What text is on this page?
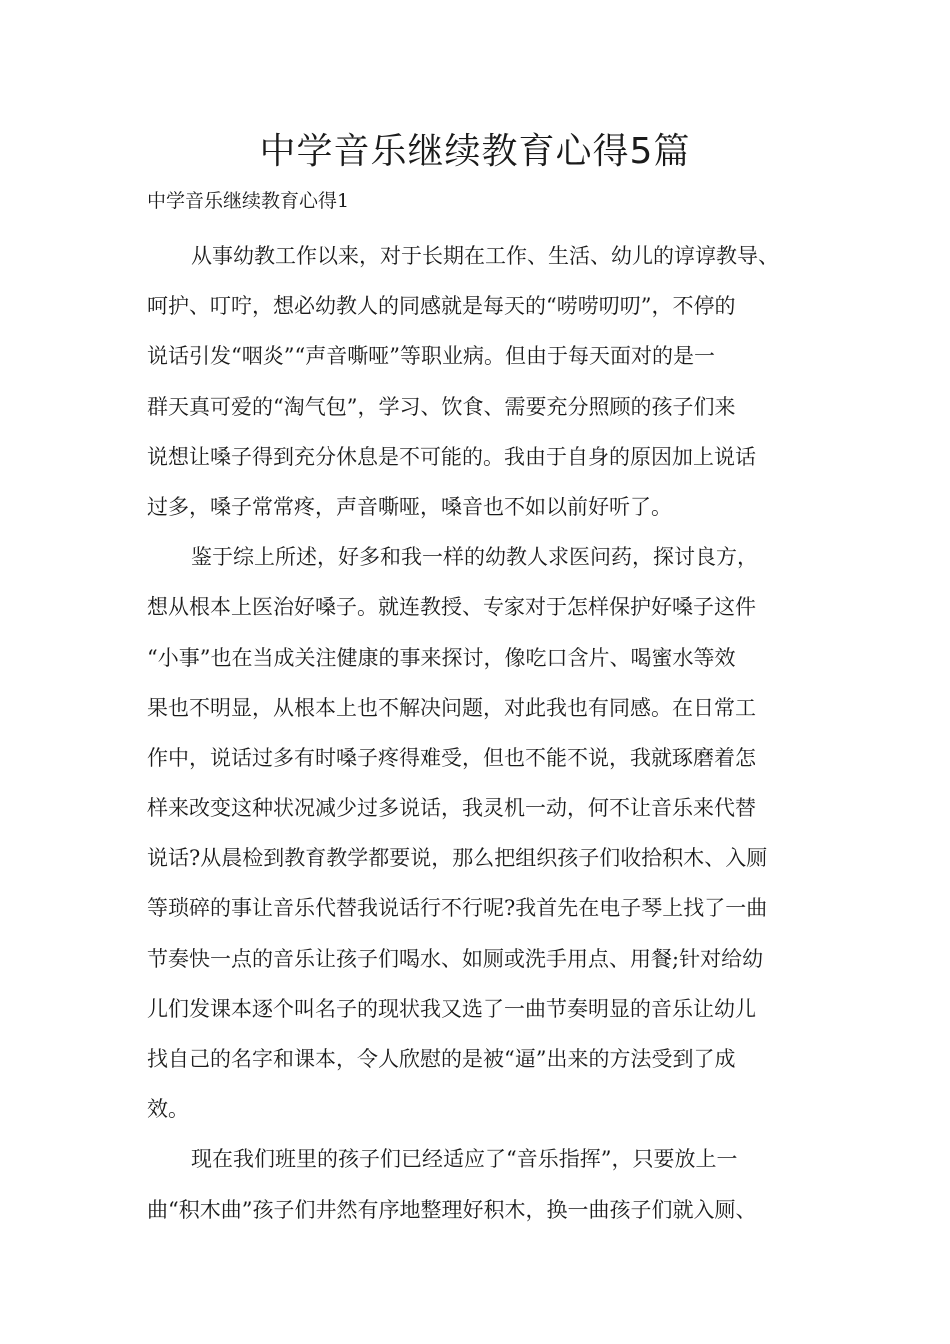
中学音乐继续教育心得5篇

中学音乐继续教育心得1

从事幼教工作以来，对于长期在工作、生活、幼儿的谆谆教导、
呵护、叮咛，想必幼教人的同感就是每天的“唠唠叨叨”，不停的
说话引发“咽炎”“声音嘶哑”等职业病。但由于每天面对的是一
群天真可爱的“淘气包”，学习、饮食、需要充分照顾的孩子们来
说想让嗓子得到充分休息是不可能的。我由于自身的原因加上说话
过多，嗓子常常疼，声音嘶哑，嗓音也不如以前好听了。
鉴于综上所述，好多和我一样的幼教人求医问药，探讨良方，
想从根本上医治好嗓子。就连教授、专家对于怎样保护好嗓子这件
“小事”也在当成关注健康的事来探讨，像吃口含片、喝蜜水等效
果也不明显，从根本上也不解决问题，对此我也有同感。在日常工
作中，说话过多有时嗓子疼得难受，但也不能不说，我就琢磨着怎
样来改变这种状况减少过多说话，我灵机一动，何不让音乐来代替
说话?从晨检到教育教学都要说，那么把组织孩子们收拾积木、入厕
等琐碎的事让音乐代替我说话行不行呢?我首先在电子琴上找了一曲
节奏快一点的音乐让孩子们喝水、如厕或洗手用点、用餐;针对给幼
儿们发课本逐个叫名子的现状我又选了一曲节奏明显的音乐让幼儿
找自己的名字和课本，令人欣慰的是被“逼”出来的方法受到了成
效。
现在我们班里的孩子们已经适应了“音乐指挥”，只要放上一
曲“积木曲”孩子们井然有序地整理好积木，换一曲孩子们就入厕、
